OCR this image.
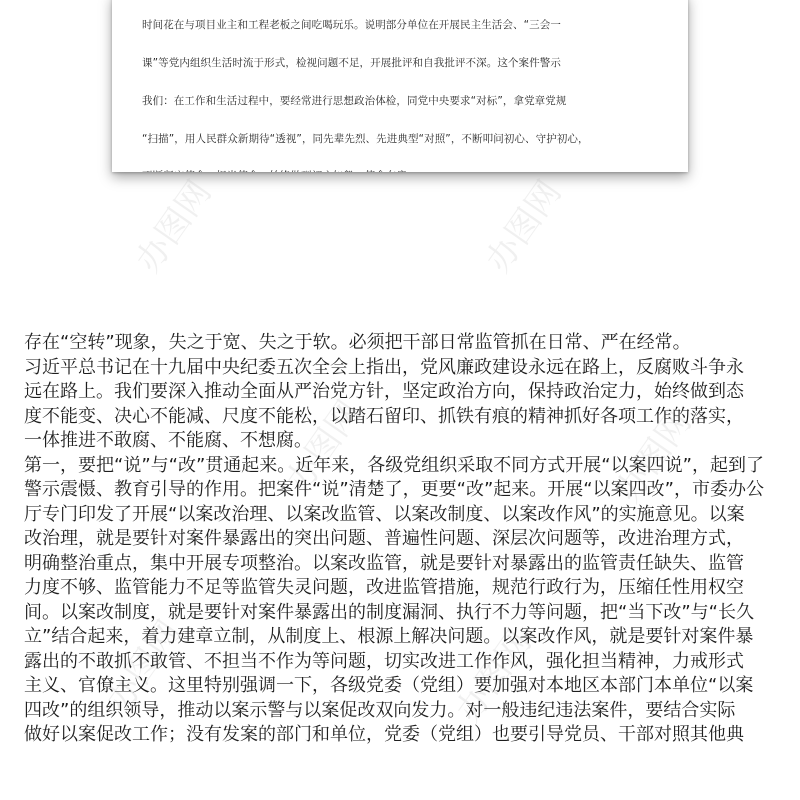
时间花在与项目业主和工程老板之间吃喝玩乐。说明部分单位在开展民主生活会、“三会一

课”等党内组织生活时流于形式，检视问题不足，开展批评和自我批评不深。这个案件警示

我们：在工作和生活过程中，要经常进行思想政治体检，同党中央要求“对标”，拿党章党规

“扫描”，用人民群众新期待“透视”，同先辈先烈、先进典型“对照”，不断叩问初心、守护初心，

办图网	办图网
办图网	办图网
办图网	办图网
存在“空转”现象，失之于宽、失之于软。必须把干部日常监管抓在日常、严在经常。
习近平总书记在十九届中央纪委五次全会上指出，党风廉政建设永远在路上，反腐败斗争永
远在路上。我们要深入推动全面从严治党方针，坚定政治方向，保持政治定力，始终做到态
度不能变、决心不能减、尺度不能松，以踏石留印、抓铁有痕的精神抓好各项工作的落实，
一体推进不敢腐、不能腐、不想腐。
第一，要把“说”与“改”贯通起来。近年来，各级党组织采取不同方式开展“以案四说”，起到了
警示震慑、教育引导的作用。把案件“说”清楚了，更要“改”起来。开展“以案四改”，市委办公
厅专门印发了开展“以案改治理、以案改监管、以案改制度、以案改作风”的实施意见。以案
改治理，就是要针对案件暴露出的突出问题、普遍性问题、深层次问题等，改进治理方式，
明确整治重点，集中开展专项整治。以案改监管，就是要针对暴露出的监管责任缺失、监管
力度不够、监管能力不足等监管失灵问题，改进监管措施，规范行政行为，压缩任性用权空
间。以案改制度，就是要针对案件暴露出的制度漏洞、执行不力等问题，把“当下改”与“长久
立”结合起来，着力建章立制，从制度上、根源上解决问题。以案改作风，就是要针对案件暴
露出的不敢抓不敢管、不担当不作为等问题，切实改进工作作风，强化担当精神，力戒形式
主义、官僚主义。这里特别强调一下，各级党委（党组）要加强对本地区本部门本单位“以案
四改”的组织领导，推动以案示警与以案促改双向发力。对一般违纪违法案件，要结合实际
做好以案促改工作；没有发案的部门和单位，党委（党组）也要引导党员、干部对照其他典
